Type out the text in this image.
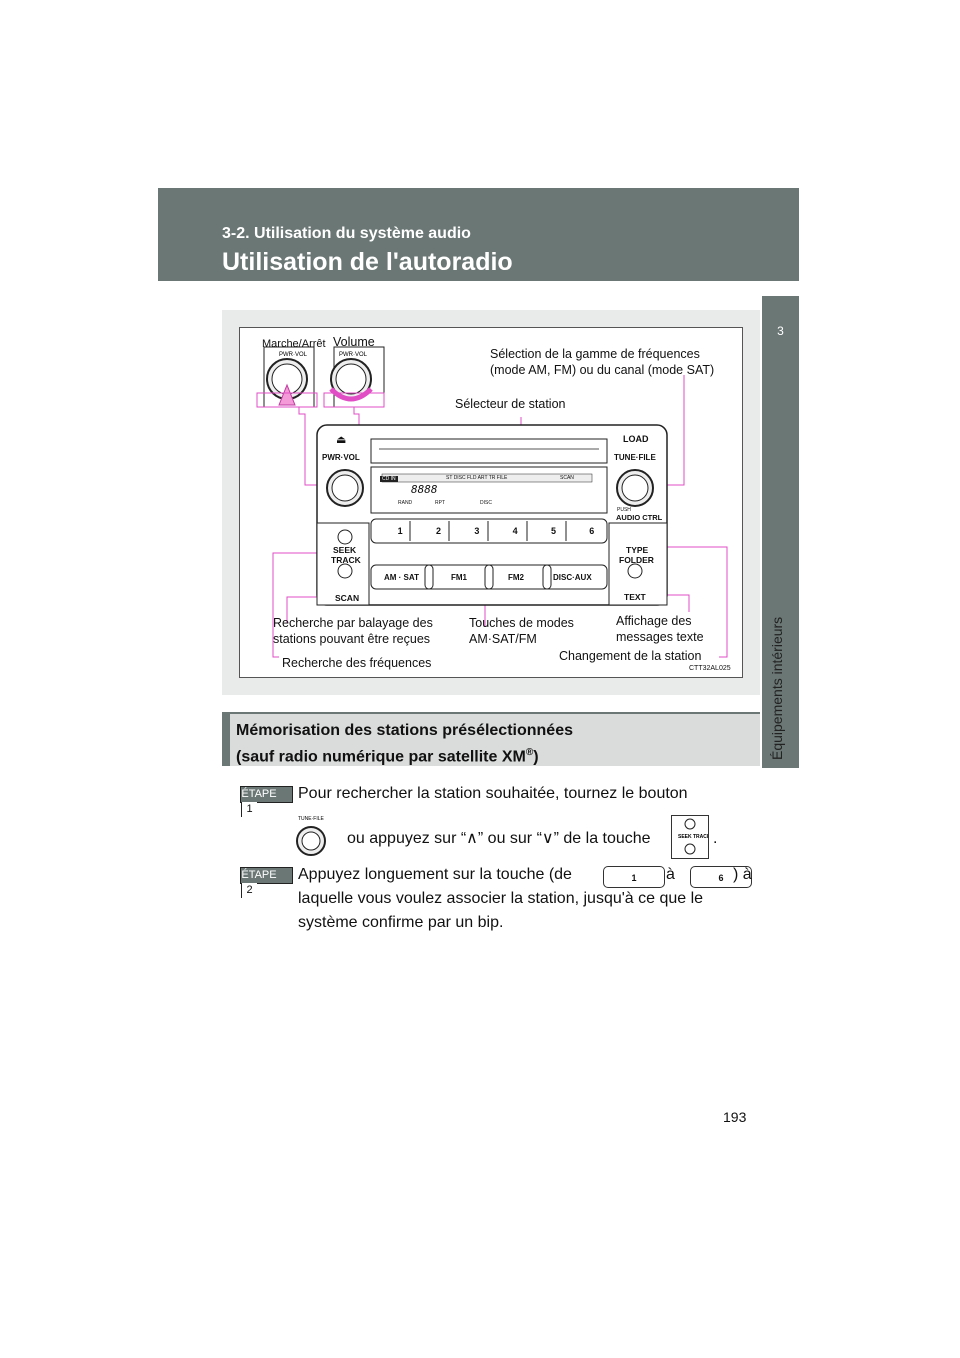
3-2. Utilisation du système audio
Utilisation de l'autoradio
3
Équipements intérieurs
PWR·VOL	PWR·VOL
⏏	LOAD
PWR·VOL	TUNE·FILE
PUSH
AUDIO CTRL
SEEK
TRACK
TYPE
FOLDER
SCAN	TEXT
CD IN	ST DISC FLD ART TR FILE	SCAN
8888
RAND	RPT	DISC
1	2	3	4	5	6
AM · SAT	FM1	FM2	DISC·AUX
Marche/Arrêt Volume
Sélection de la gamme de fréquences
(mode AM, FM) ou du canal (mode SAT)
Sélecteur de station
Recherche par balayage des
stations pouvant être reçues
Touches de modes
AM·SAT/FM
Affichage des
messages texte
Recherche des fréquences	Changement de la station
CTT32AL025
Mémorisation des stations présélectionnées
(sauf radio numérique par satellite XM®)
ÉTAPE1
Pour rechercher la station souhaitée, tournez le bouton
TUNE·FILE
ou appuyez sur “∧” ou sur “∨” de la touche	SEEK TRACK .
ÉTAPE2
Appuyez longuement sur la touche (de	1	à	6 ) à
laquelle vous voulez associer la station, jusqu'à ce que le
système confirme par un bip.
193
